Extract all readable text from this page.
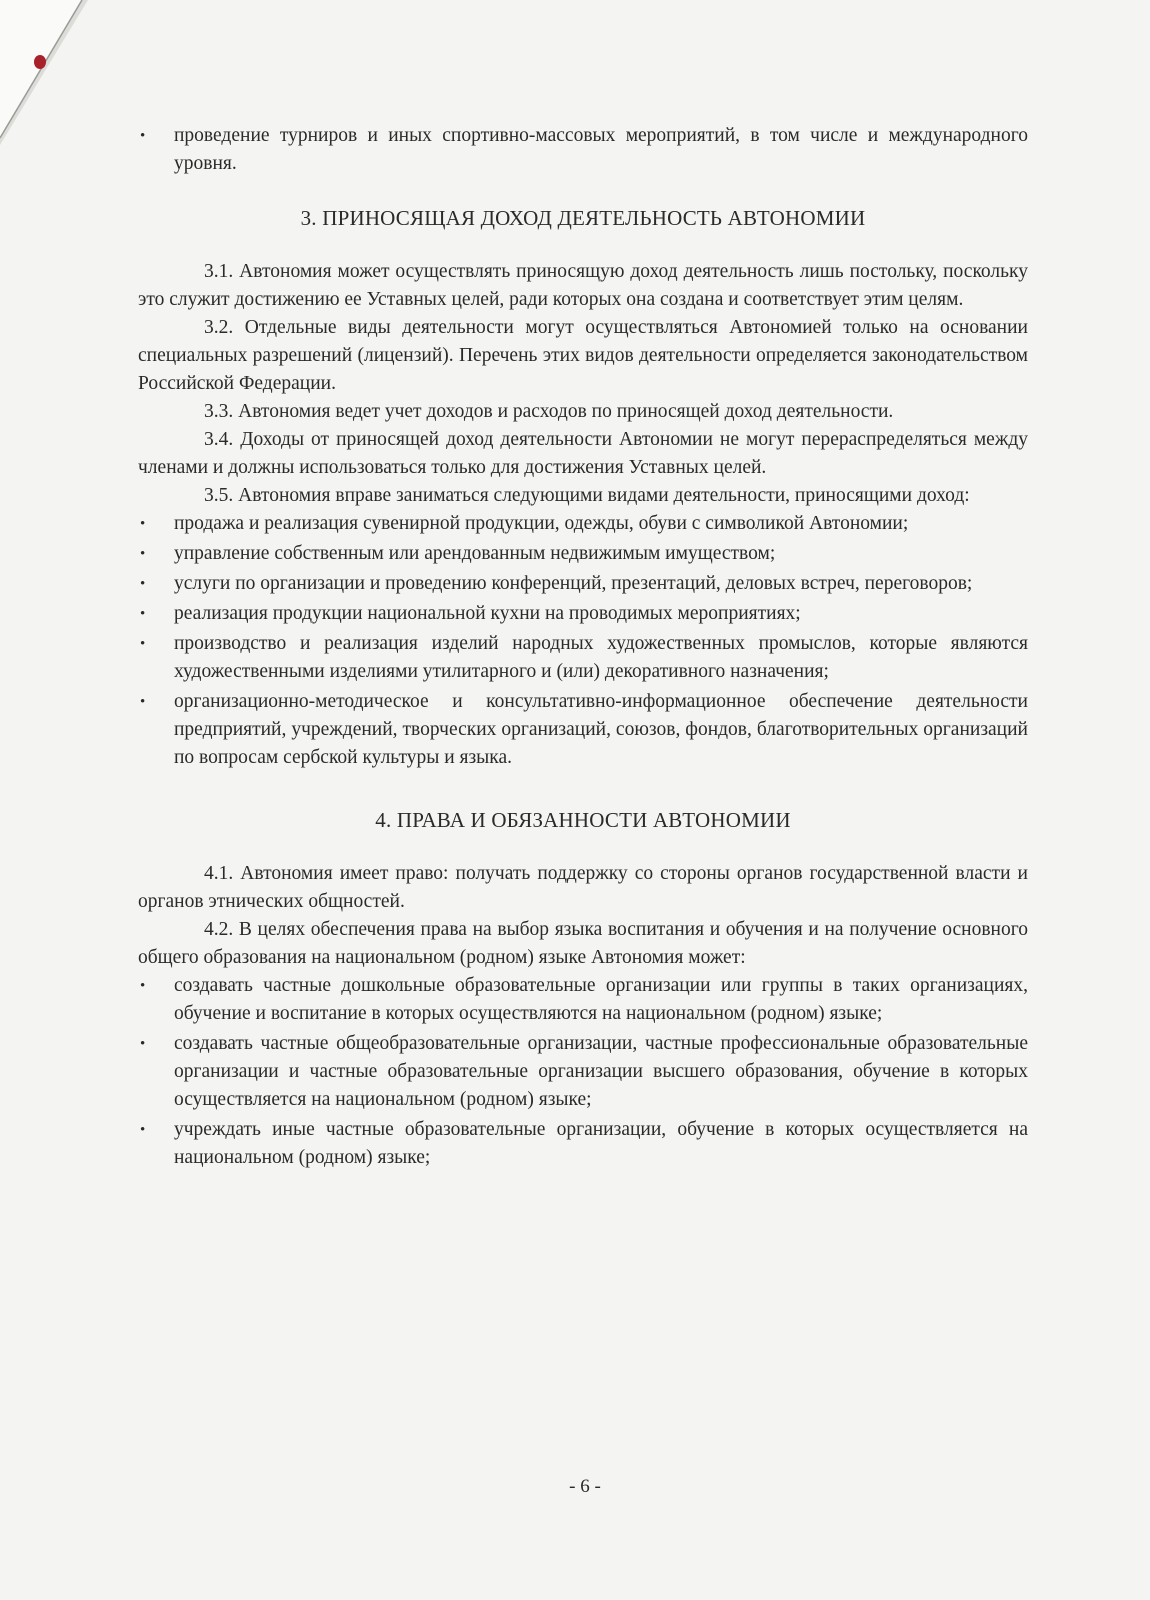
• проведение турниров и иных спортивно-массовых мероприятий, в том числе и международного уровня.
3. ПРИНОСЯЩАЯ ДОХОД ДЕЯТЕЛЬНОСТЬ АВТОНОМИИ

3.1. Автономия может осуществлять приносящую доход деятельность лишь постольку, поскольку это служит достижению ее Уставных целей, ради которых она создана и соответствует этим целям.

3.2. Отдельные виды деятельности могут осуществляться Автономией только на основании специальных разрешений (лицензий). Перечень этих видов деятельности определяется законодательством Российской Федерации.

3.3. Автономия ведет учет доходов и расходов по приносящей доход деятельности.

3.4. Доходы от приносящей доход деятельности Автономии не могут перераспределяться между членами и должны использоваться только для достижения Уставных целей.

3.5. Автономия вправе заниматься следующими видами деятельности, приносящими доход:

• продажа и реализация сувенирной продукции, одежды, обуви с символикой Автономии;
• управление собственным или арендованным недвижимым имуществом;
• услуги по организации и проведению конференций, презентаций, деловых встреч, переговоров;
• реализация продукции национальной кухни на проводимых мероприятиях;
• производство и реализация изделий народных художественных промыслов, которые являются художественными изделиями утилитарного и (или) декоративного назначения;
• организационно-методическое и консультативно-информационное обеспечение деятельности предприятий, учреждений, творческих организаций, союзов, фондов, благотворительных организаций по вопросам сербской культуры и языка.
4. ПРАВА И ОБЯЗАННОСТИ АВТОНОМИИ

4.1. Автономия имеет право: получать поддержку со стороны органов государственной власти и органов этнических общностей.

4.2. В целях обеспечения права на выбор языка воспитания и обучения и на получение основного общего образования на национальном (родном) языке Автономия может:

• создавать частные дошкольные образовательные организации или группы в таких организациях, обучение и воспитание в которых осуществляются на национальном (родном) языке;
• создавать частные общеобразовательные организации, частные профессиональные образовательные организации и частные образовательные организации высшего образования, обучение в которых осуществляется на национальном (родном) языке;
• учреждать иные частные образовательные организации, обучение в которых осуществляется на национальном (родном) языке;
- 6 -
